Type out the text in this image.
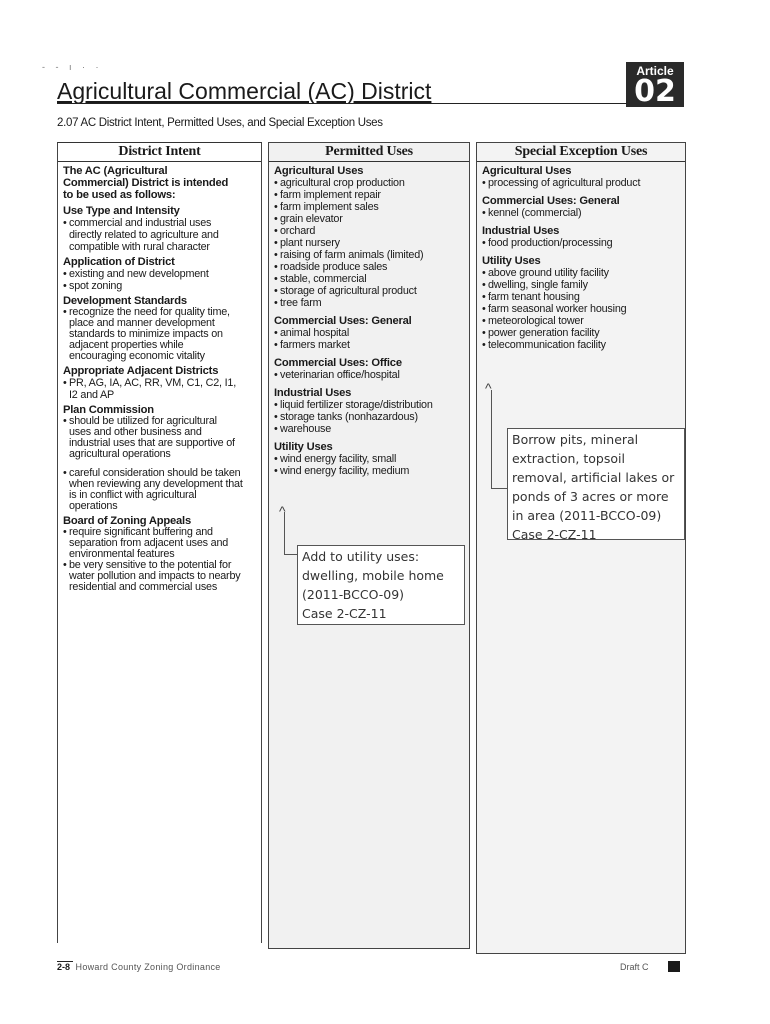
- - ı · ·	Article
02
Agricultural Commercial (AC) District
2.07 AC District Intent, Permitted Uses, and Special Exception Uses
District Intent
The AC (Agricultural
Commercial) District is intended
to be used as follows:
Use Type and Intensity
• commercial and industrial uses
directly related to agriculture and
compatible with rural character
Application of District
• existing and new development
• spot zoning
Development Standards
• recognize the need for quality time,
place and manner development
standards to minimize impacts on
adjacent properties while
encouraging economic vitality
Appropriate Adjacent Districts
• PR, AG, IA, AC, RR, VM, C1, C2, I1,
I2 and AP
Plan Commission
• should be utilized for agricultural
uses and other business and
industrial uses that are supportive of
agricultural operations
• careful consideration should be taken
when reviewing any development that
is in conflict with agricultural
operations
Board of Zoning Appeals
• require significant buffering and
separation from adjacent uses and
environmental features
• be very sensitive to the potential for
water pollution and impacts to nearby
residential and commercial uses
Permitted Uses
Agricultural Uses
• agricultural crop production
• farm implement repair
• farm implement sales
• grain elevator
• orchard
• plant nursery
• raising of farm animals (limited)
• roadside produce sales
• stable, commercial
• storage of agricultural product
• tree farm
Commercial Uses: General
• animal hospital
• farmers market
Commercial Uses: Office
• veterinarian office/hospital
Industrial Uses
• liquid fertilizer storage/distribution
• storage tanks (nonhazardous)
• warehouse
Utility Uses
• wind energy facility, small
• wind energy facility, medium
Special Exception Uses
Agricultural Uses
• processing of agricultural product
Commercial Uses: General
• kennel (commercial)
Industrial Uses
• food production/processing
Utility Uses
• above ground utility facility
• dwelling, single family
• farm tenant housing
• farm seasonal worker housing
• meteorological tower
• power generation facility
• telecommunication facility
^
Add to utility uses:
dwelling, mobile home
(2011-BCCO-09)
Case 2-CZ-11
^
Borrow pits, mineral
extraction, topsoil
removal, artificial lakes or
ponds of 3 acres or more
in area (2011-BCCO-09)
Case 2-CZ-11
2-8 Howard County Zoning Ordinance	Draft C
